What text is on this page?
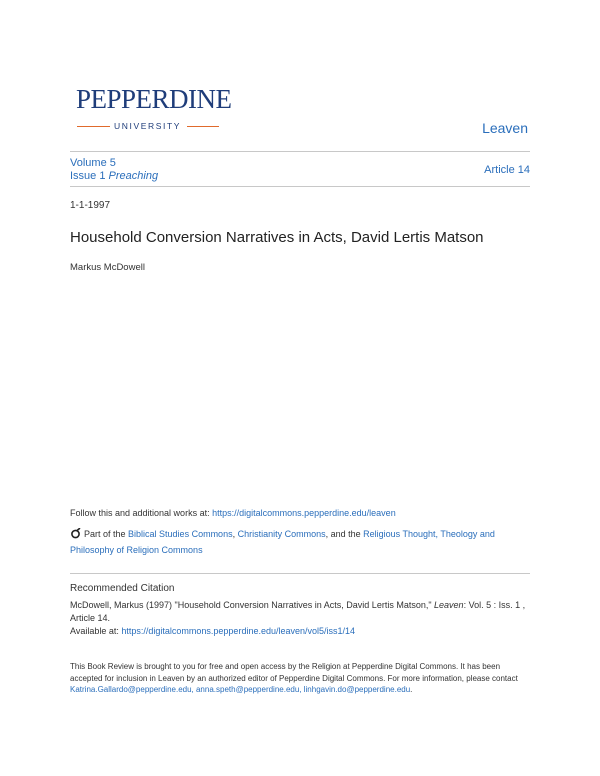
PEPPERDINE
UNIVERSITY	Leaven
Volume 5
Issue 1 Preaching	Article 14
1-1-1997
Household Conversion Narratives in Acts, David Lertis Matson
Markus McDowell
Follow this and additional works at: https://digitalcommons.pepperdine.edu/leaven
Part of the Biblical Studies Commons, Christianity Commons, and the Religious Thought, Theology and Philosophy of Religion Commons
Recommended Citation
McDowell, Markus (1997) "Household Conversion Narratives in Acts, David Lertis Matson," Leaven: Vol. 5 : Iss. 1 , Article 14.
Available at: https://digitalcommons.pepperdine.edu/leaven/vol5/iss1/14
This Book Review is brought to you for free and open access by the Religion at Pepperdine Digital Commons. It has been accepted for inclusion in Leaven by an authorized editor of Pepperdine Digital Commons. For more information, please contact Katrina.Gallardo@pepperdine.edu, anna.speth@pepperdine.edu, linhgavin.do@pepperdine.edu.
